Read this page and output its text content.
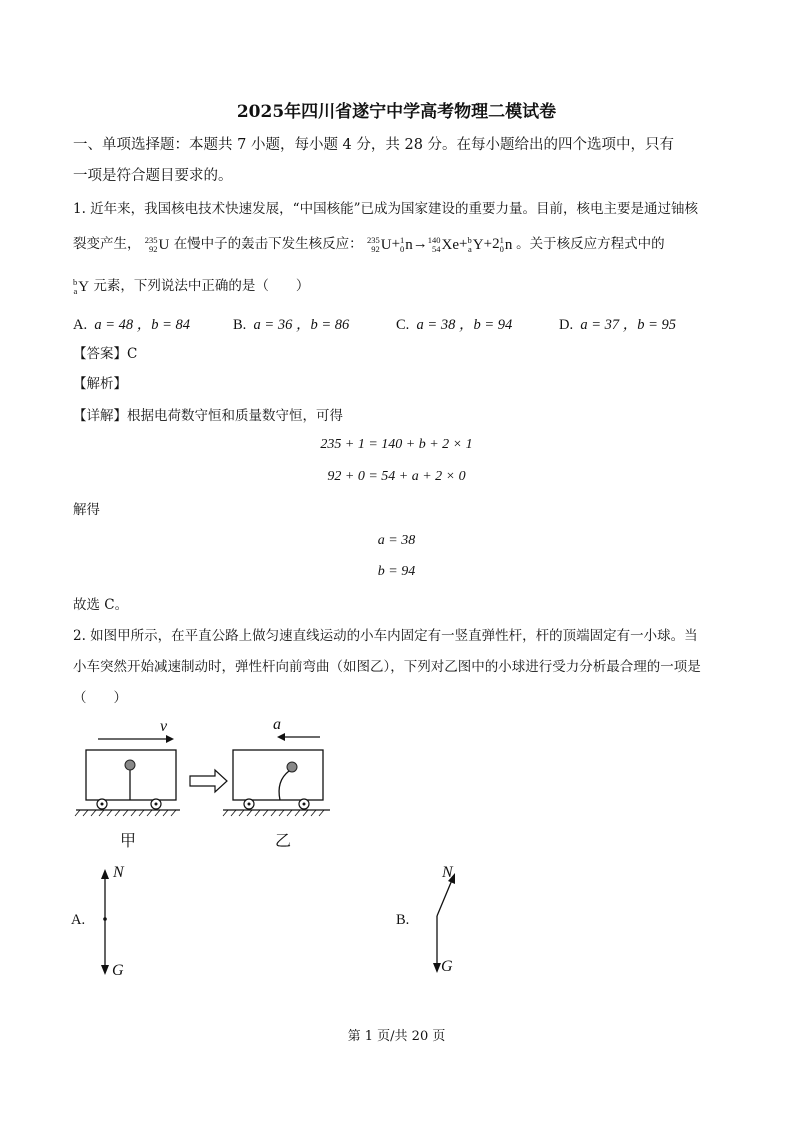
2025年四川省遂宁中学高考物理二模试卷
一、单项选择题：本题共 7 小题，每小题 4 分，共 28 分。在每小题给出的四个选项中，只有
一项是符合题目要求的。
1. 近年来，我国核电技术快速发展，“中国核能”已成为国家建设的重要力量。目前，核电主要是通过铀核
裂变产生， 235
92 U 在慢中子的轰击下发生核反应： 235
92 U+ 1
0 n→ 140
54 Xe+ b
a Y+2 1
0 n 。关于核反应方程式中的
b
a Y 元素，下列说法中正确的是（　　）
A. a = 48 ，b = 84	B. a = 36 ，b = 86	C. a = 38 ，b = 94	D. a = 37 ，b = 95
【答案】C
【解析】
【详解】根据电荷数守恒和质量数守恒，可得
235 + 1 = 140 + b + 2 × 1
92 + 0 = 54 + a + 2 × 0
解得
a = 38
b = 94
故选 C。
2. 如图甲所示，在平直公路上做匀速直线运动的小车内固定有一竖直弹性杆，杆的顶端固定有一小球。当
小车突然开始减速制动时，弹性杆向前弯曲（如图乙），下列对乙图中的小球进行受力分析最合理的一项是
（　　）
v	a
甲	乙
A.
N
G
B.
N
G
第 1 页/共 20 页
